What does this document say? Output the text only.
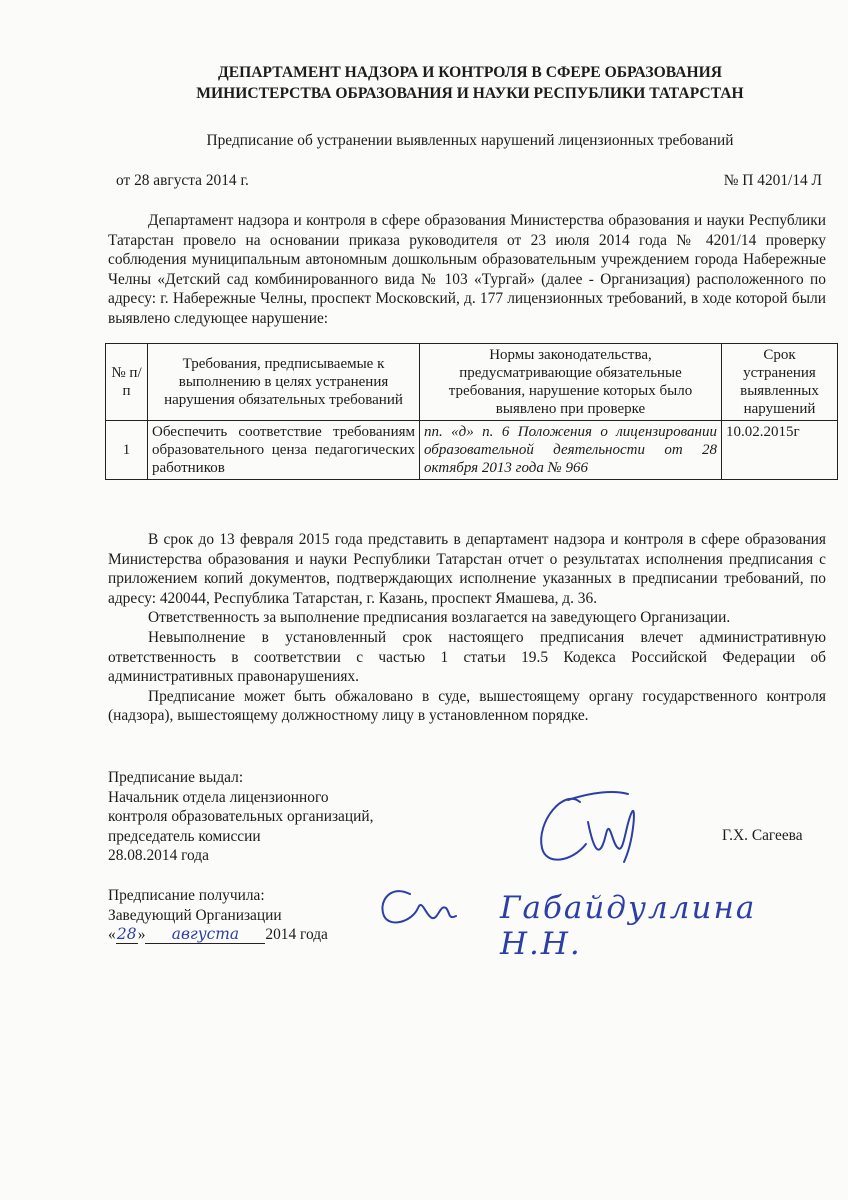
ДЕПАРТАМЕНТ НАДЗОРА И КОНТРОЛЯ В СФЕРЕ ОБРАЗОВАНИЯ
МИНИСТЕРСТВА ОБРАЗОВАНИЯ И НАУКИ РЕСПУБЛИКИ ТАТАРСТАН
Предписание об устранении выявленных нарушений лицензионных требований
от 28 августа 2014 г.	№ П 4201/14 Л

Департамент надзора и контроля в сфере образования Министерства образования и науки Республики Татарстан провело на основании приказа руководителя от 23 июля 2014 года № 4201/14 проверку соблюдения муниципальным автономным дошкольным образовательным учреждением города Набережные Челны «Детский сад комбинированного вида № 103 «Тургай» (далее - Организация) расположенного по адресу: г. Набережные Челны, проспект Московский, д. 177 лицензионных требований, в ходе которой были выявлено следующее нарушение:

№ п/п	Требования, предписываемые к выполнению в целях устранения нарушения обязательных требований	Нормы законодательства, предусматривающие обязательные требования, нарушение которых было выявлено при проверке	Срок устранения выявленных нарушений
1	Обеспечить соответствие требованиям образовательного ценза педагогических работников	пп. «д» п. 6 Положения о лицензировании образовательной деятельности от 28 октября 2013 года № 966	10.02.2015г

В срок до 13 февраля 2015 года представить в департамент надзора и контроля в сфере образования Министерства образования и науки Республики Татарстан отчет о результатах исполнения предписания с приложением копий документов, подтверждающих исполнение указанных в предписании требований, по адресу: 420044, Республика Татарстан, г. Казань, проспект Ямашева, д. 36.

Ответственность за выполнение предписания возлагается на заведующего Организации.

Невыполнение в установленный срок настоящего предписания влечет административную ответственность в соответствии с частью 1 статьи 19.5 Кодекса Российской Федерации об административных правонарушениях.

Предписание может быть обжаловано в суде, вышестоящему органу государственного контроля (надзора), вышестоящему должностному лицу в установленном порядке.

Предписание выдал:
Начальник отдела лицензионного
контроля образовательных организаций,
председатель комиссии
28.08.2014 года
Г.Х. Сагеева
Предписание получила:
Заведующий Организации
«28» августа 2014 года
Габайдуллина Н.Н.
